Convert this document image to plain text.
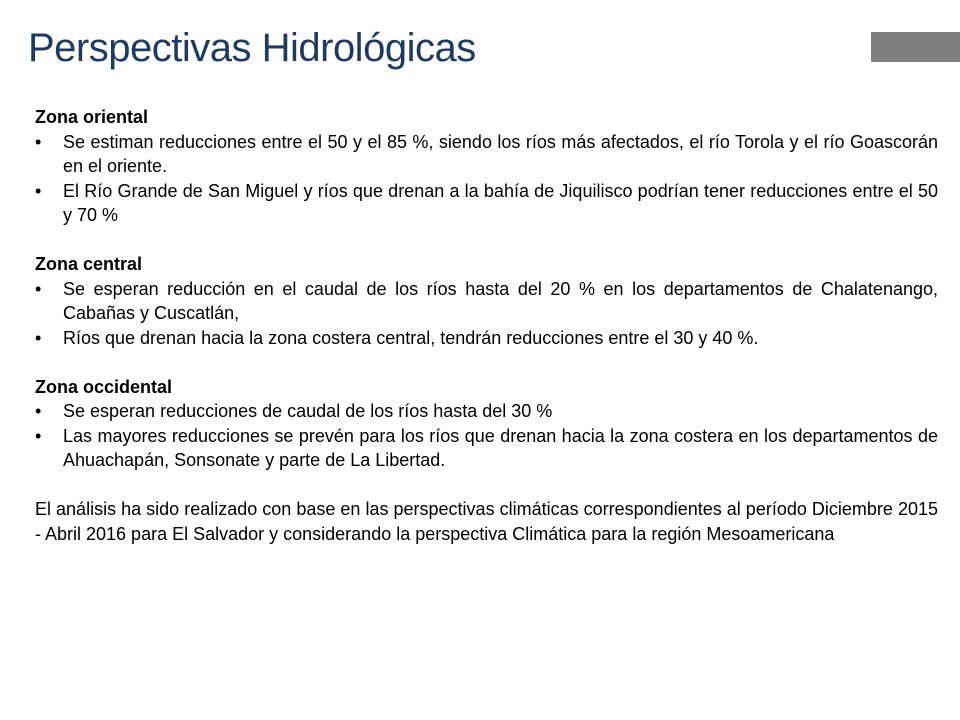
Perspectivas Hidrológicas

Zona oriental

• Se estiman reducciones entre el 50 y el 85 %, siendo los ríos más afectados, el río Torola y el río Goascorán en el oriente.
• El Río Grande de San Miguel y ríos que drenan a la bahía de Jiquilisco podrían tener reducciones entre el 50 y 70 %

Zona central

• Se esperan reducción en el caudal de los ríos hasta del 20 % en los departamentos de Chalatenango, Cabañas y Cuscatlán,
• Ríos que drenan hacia la zona costera central, tendrán reducciones entre el 30 y 40 %.

Zona occidental

• Se esperan reducciones de caudal de los ríos hasta del 30 %
• Las mayores reducciones se prevén para los ríos que drenan hacia la zona costera en los departamentos de Ahuachapán, Sonsonate y parte de La Libertad.

El análisis ha sido realizado con base en las perspectivas climáticas correspondientes al período Diciembre 2015 - Abril 2016 para El Salvador y considerando la perspectiva Climática para la región Mesoamericana
